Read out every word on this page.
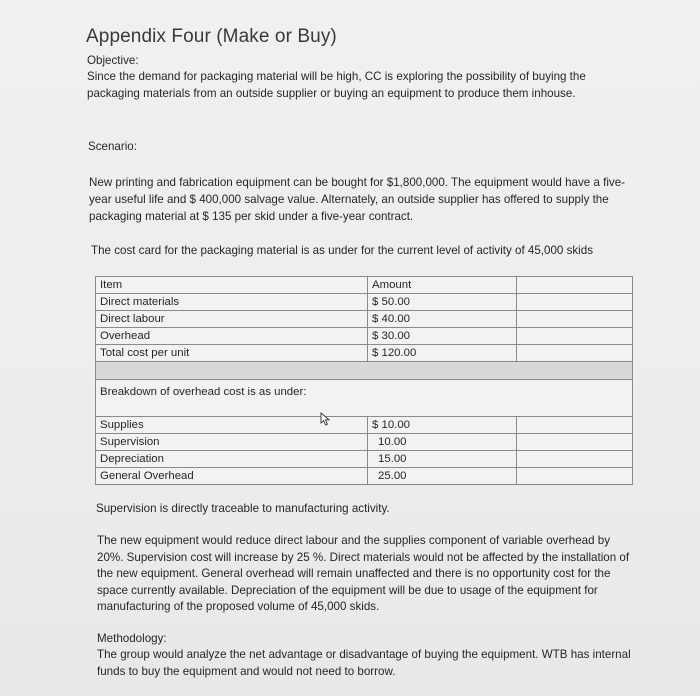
Appendix Four (Make or Buy)
Objective:
Since the demand for packaging material will be high, CC is exploring the possibility of buying the packaging materials from an outside supplier or buying an equipment to produce them inhouse.
Scenario:
New printing and fabrication equipment can be bought for $1,800,000. The equipment would have a five-year useful life and $ 400,000 salvage value. Alternately, an outside supplier has offered to supply the packaging material at $ 135 per skid under a five-year contract.
The cost card for the packaging material is as under for the current level of activity of 45,000 skids
Item	Amount	
Direct materials	$ 50.00	
Direct labour	$ 40.00	
Overhead	$ 30.00	
Total cost per unit	$ 120.00	

Breakdown of overhead cost is as under:		
Supplies	$ 10.00	
Supervision	10.00	
Depreciation	15.00	
General Overhead	25.00	
Supervision is directly traceable to manufacturing activity.
The new equipment would reduce direct labour and the supplies component of variable overhead by 20%. Supervision cost will increase by 25 %. Direct materials would not be affected by the installation of the new equipment. General overhead will remain unaffected and there is no opportunity cost for the space currently available. Depreciation of the equipment will be due to usage of the equipment for manufacturing of the proposed volume of 45,000 skids.
Methodology:
The group would analyze the net advantage or disadvantage of buying the equipment. WTB has internal funds to buy the equipment and would not need to borrow.
